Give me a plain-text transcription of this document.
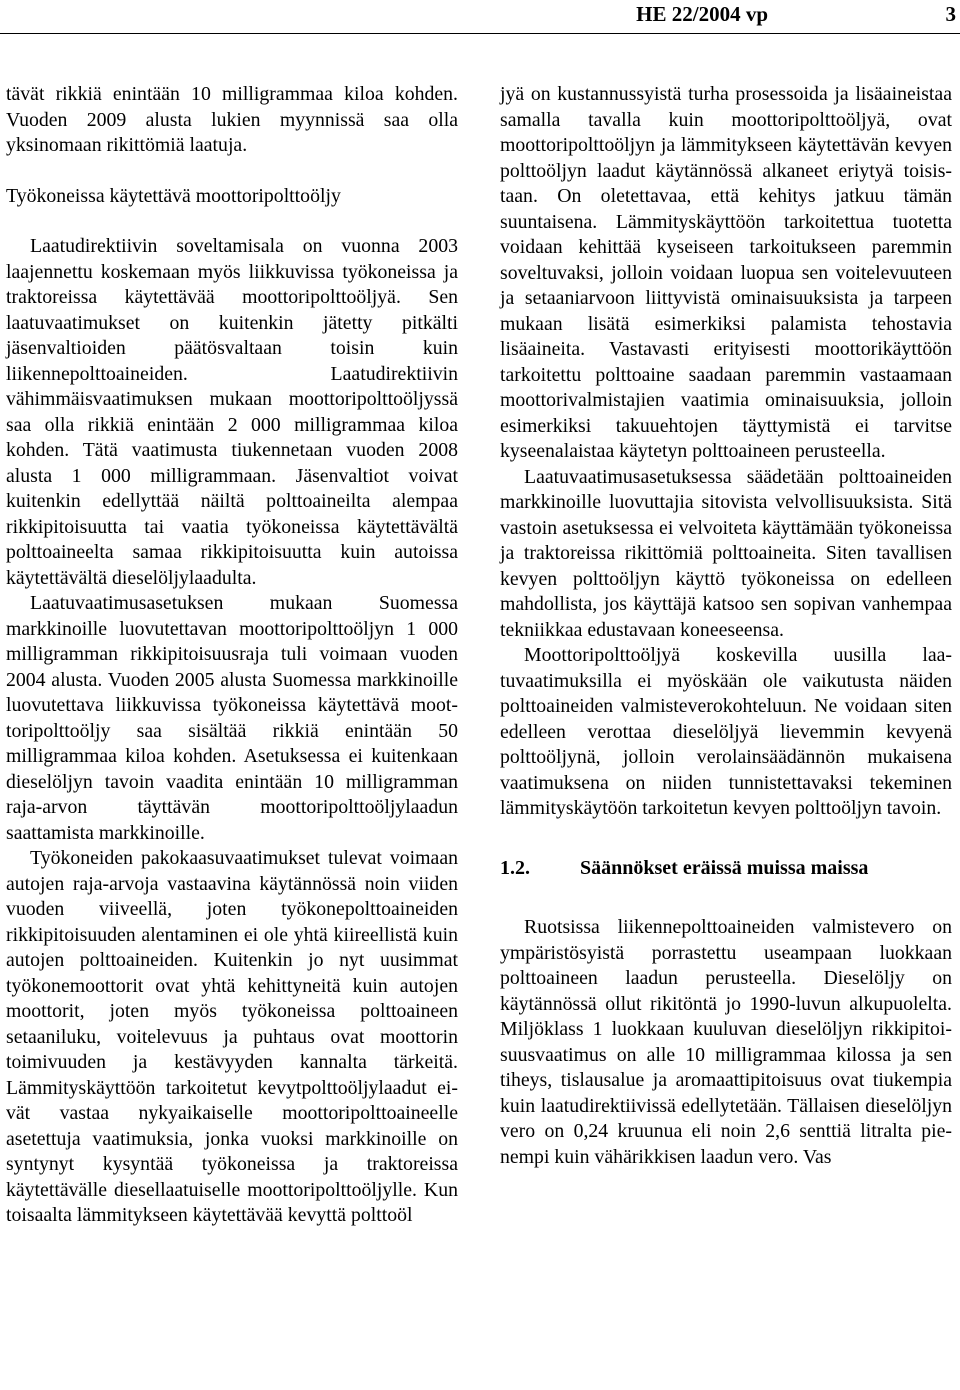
HE 22/2004 vp	3

tävät rikkiä enintään 10 milligrammaa kiloa kohden. Vuoden 2009 alusta lukien myynnissä saa olla yksinomaan rikittömiä laatuja.

Työkoneissa käytettävä moottoripolttoöljy

Laatudirektiivin soveltamisala on vuonna 2003 laajennettu koskemaan myös liikkuvissa työkoneissa ja traktoreissa käytettävää moottoripolttoöljyä. Sen laatuvaatimukset on kuitenkin jätetty pitkälti jäsenvaltioiden päätösvaltaan toisin kuin liikennepolttoaineiden. Laatudirektiivin vähimmäisvaatimuksen mukaan moottoripolttoöljyssä saa olla rikkiä enintään 2 000 milligrammaa kiloa kohden. Tätä vaatimusta tiukennetaan vuoden 2008 alusta 1 000 milligrammaan. Jäsenvaltiot voivat kuitenkin edellyttää näiltä polttoaineilta alempaa rikkipitoisuutta tai vaatia työkoneissa käytettävältä polttoaineelta samaa rikkipitoisuutta kuin autoissa käytettävältä dieselöljylaadulta.

Laatuvaatimusasetuksen mukaan Suomessa markkinoille luovutettavan moottoripolttoöljyn 1 000 milligramman rikkipitoisuusraja tuli voimaan vuoden 2004 alusta. Vuoden 2005 alusta Suomessa markkinoille luovutettava liikkuvissa työkoneissa käytettävä moottoripolttoöljy saa sisältää rikkiä enintään 50 milligrammaa kiloa kohden. Asetuksessa ei kuitenkaan dieselöljyn tavoin vaadita enintään 10 milligramman raja-arvon täyttävän moottoripolttoöljylaadun saattamista markkinoille.

Työkoneiden pakokaasuvaatimukset tulevat voimaan autojen raja-arvoja vastaavina käytännössä noin viiden vuoden viiveellä, joten työkonepolttoaineiden rikkipitoisuuden alentaminen ei ole yhtä kiireellistä kuin autojen polttoaineiden. Kuitenkin jo nyt uusimmat työkonemoottorit ovat yhtä kehittyneitä kuin autojen moottorit, joten myös työkoneissa polttoaineen setaaniluku, voitelevuus ja puhtaus ovat moottorin toimivuuden ja kestävyyden kannalta tärkeitä. Lämmityskäyttöön tarkoitetut kevytpolttoöljylaadut eivät vastaa nykyaikaiselle moottoripolttoaineelle asetettuja vaatimuksia, jonka vuoksi markkinoille on syntynyt kysyntää työkoneissa ja traktoreissa käytettävälle diesellaatuiselle moottoripolttoöljylle. Kun toisaalta lämmitykseen käytettävää kevyttä polttoöl

jyä on kustannussyistä turha prosessoida ja lisäaineistaa samalla tavalla kuin moottoripolttoöljyä, ovat moottoripolttoöljyn ja lämmitykseen käytettävän kevyen polttoöljyn laadut käytännössä alkaneet eriytyä toisistaan. On oletettavaa, että kehitys jatkuu tämän suuntaisena. Lämmityskäyttöön tarkoitettua tuotetta voidaan kehittää kyseiseen tarkoitukseen paremmin soveltuvaksi, jolloin voidaan luopua sen voitelevuuteen ja setaaniarvoon liittyvistä ominaisuuksista ja tarpeen mukaan lisätä esimerkiksi palamista tehostavia lisäaineita. Vastavasti erityisesti moottorikäyttöön tarkoitettu polttoaine saadaan paremmin vastaamaan moottorivalmistajien vaatimia ominaisuuksia, jolloin esimerkiksi takuuehtojen täyttymistä ei tarvitse kyseenalaistaa käytetyn polttoaineen perusteella.

Laatuvaatimusasetuksessa säädetään polttoaineiden markkinoille luovuttajia sitovista velvollisuuksista. Sitä vastoin asetuksessa ei velvoiteta käyttämään työkoneissa ja traktoreissa rikittömiä polttoaineita. Siten tavallisen kevyen polttoöljyn käyttö työkoneissa on edelleen mahdollista, jos käyttäjä katsoo sen sopivan vanhempaa tekniikkaa edustavaan koneeseensa.

Moottoripolttoöljyä koskevilla uusilla laatuvaatimuksilla ei myöskään ole vaikutusta näiden polttoaineiden valmisteverokohteluun. Ne voidaan siten edelleen verottaa dieselöljyä lievemmin kevyenä polttoöljynä, jolloin verolainsäädännön mukaisena vaatimuksena on niiden tunnistettavaksi tekeminen lämmityskäytöön tarkoitetun kevyen polttoöljyn tavoin.

1.2.	Säännökset eräissä muissa maissa

Ruotsissa liikennepolttoaineiden valmistevero on ympäristösyistä porrastettu useampaan luokkaan polttoaineen laadun perusteella. Dieselöljy on käytännössä ollut rikitöntä jo 1990-luvun alkupuolelta. Miljöklass 1 luokkaan kuuluvan dieselöljyn rikkipitoisuusvaatimus on alle 10 milligrammaa kilossa ja sen tiheys, tislausalue ja aromaattipitoisuus ovat tiukempia kuin laatudirektiivissä edellytetään. Tällaisen dieselöljyn vero on 0,24 kruunua eli noin 2,6 senttiä litralta pienempi kuin vähärikkisen laadun vero. Vas
